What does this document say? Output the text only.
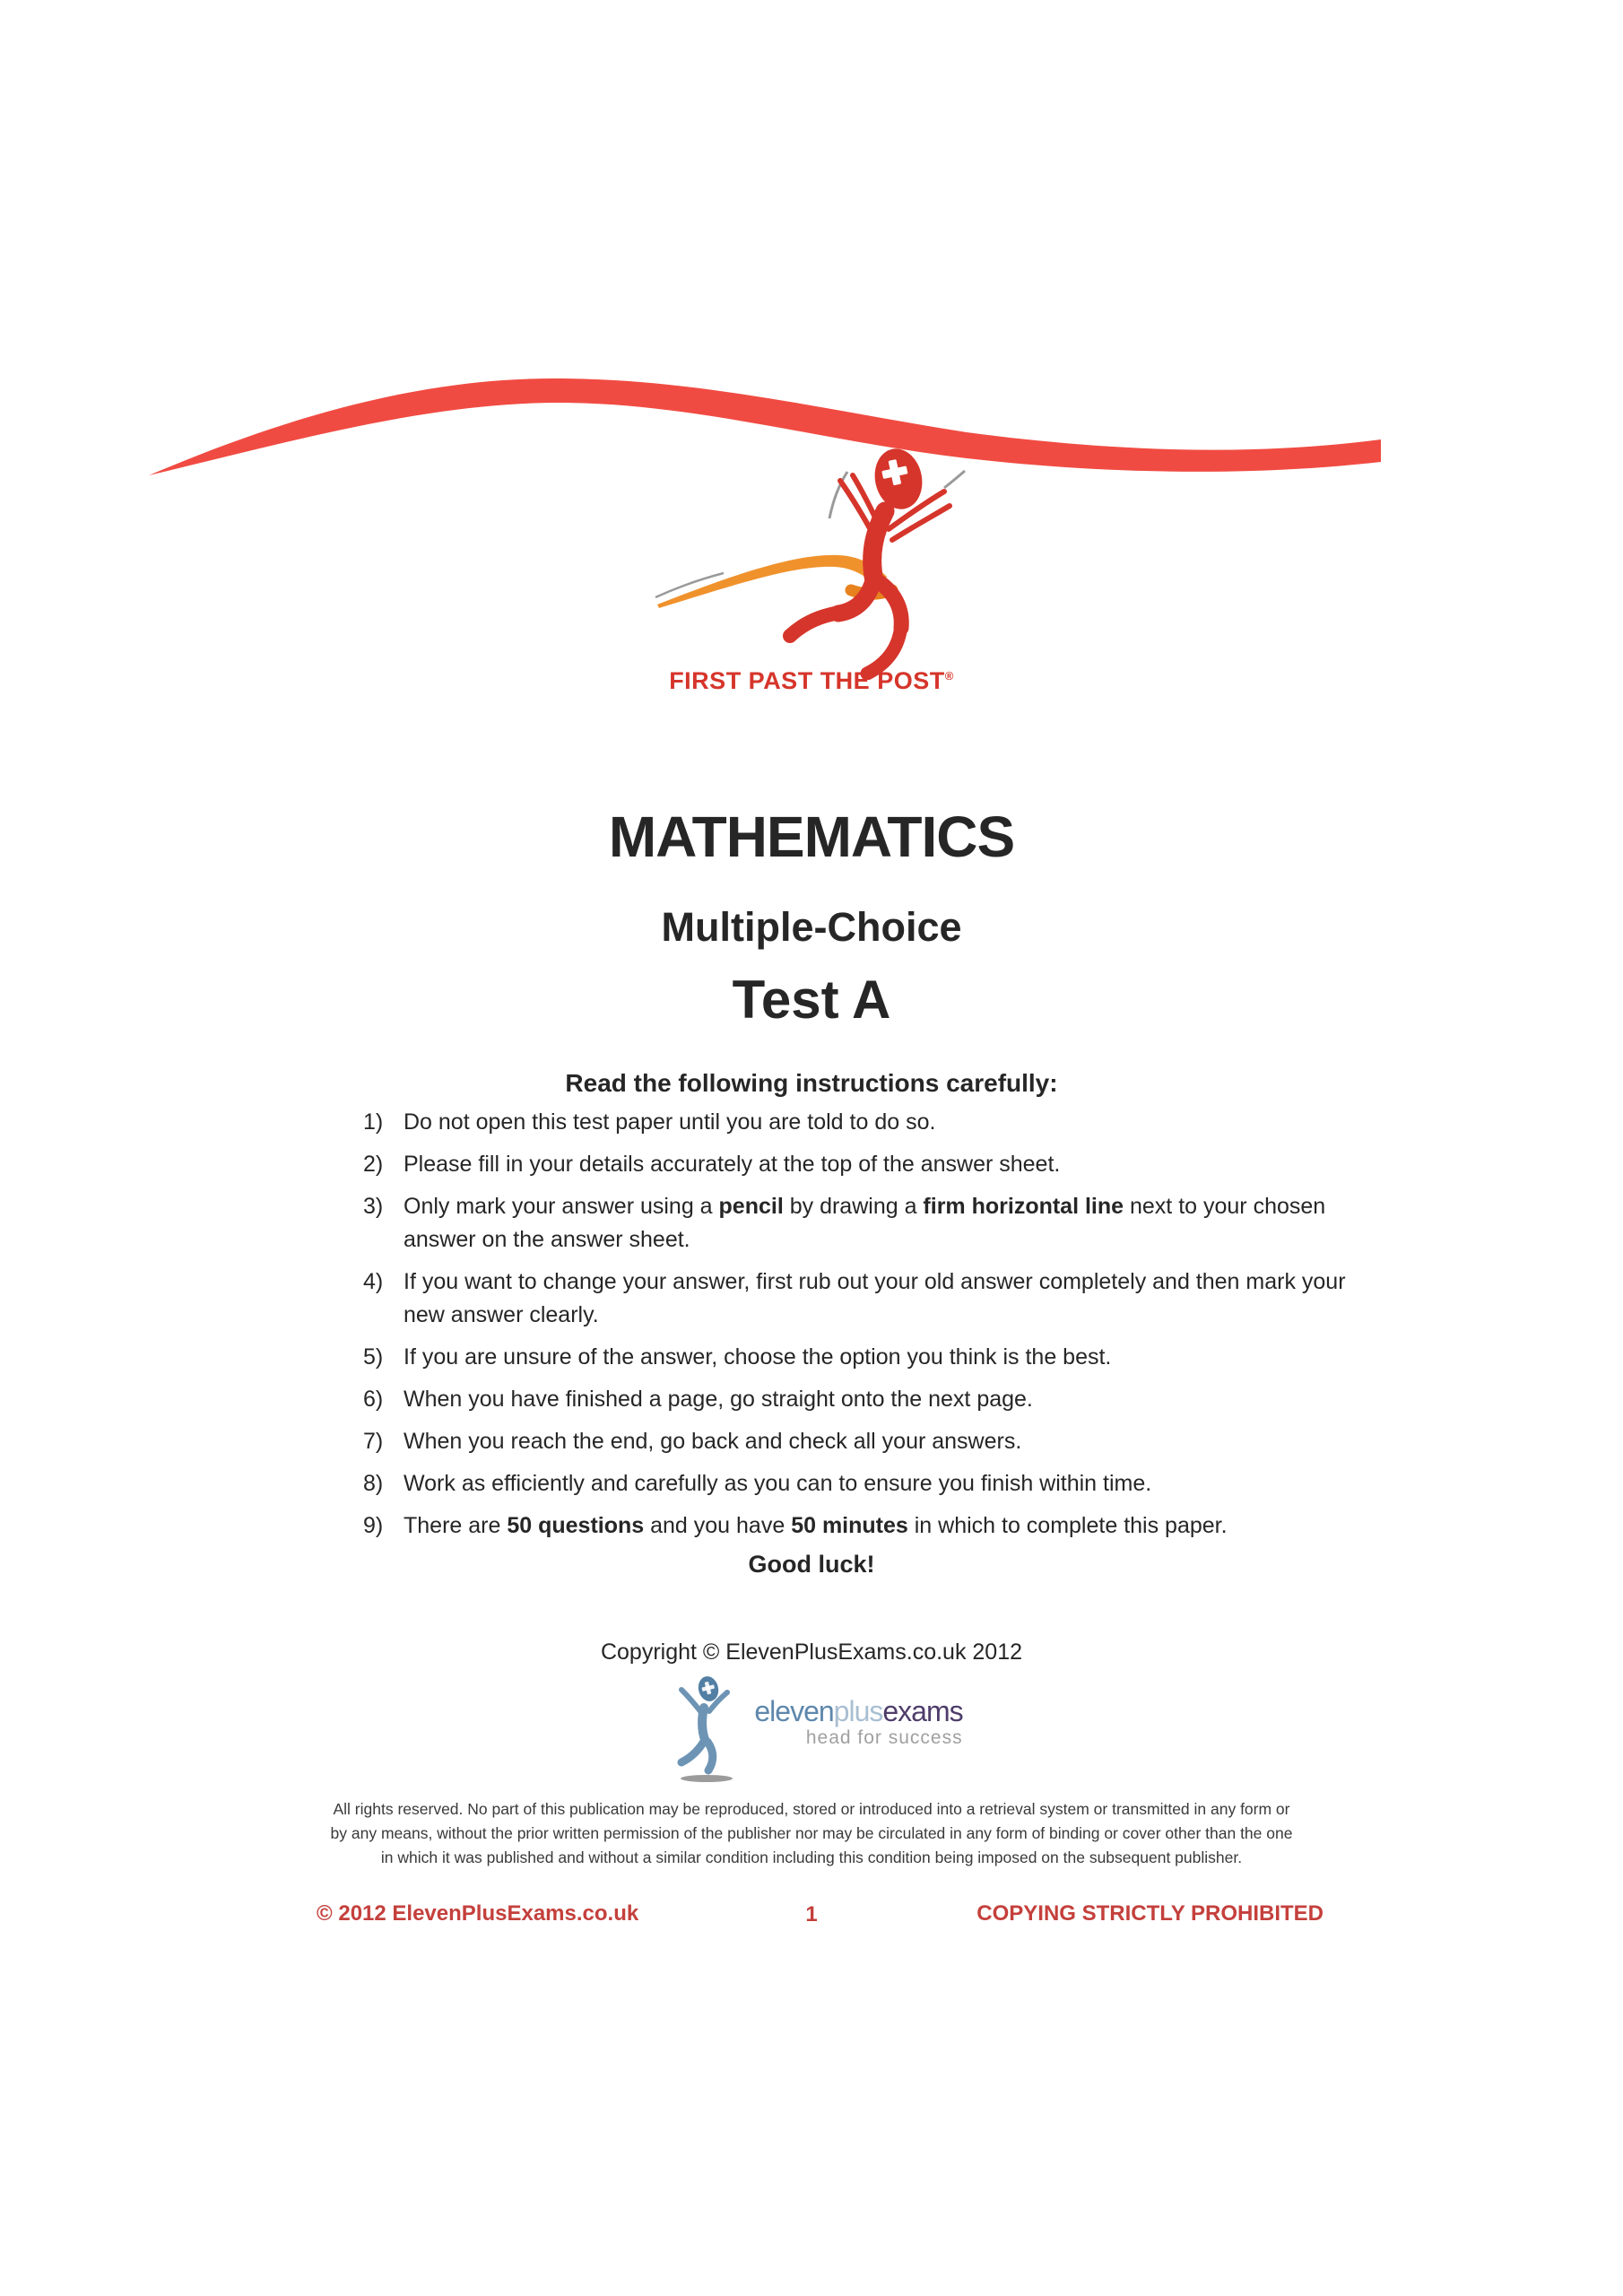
FIRST PAST THE POST®
MATHEMATICS
Multiple-Choice
Test A
Read the following instructions carefully:
1) Do not open this test paper until you are told to do so.
2) Please fill in your details accurately at the top of the answer sheet.
3) Only mark your answer using a pencil by drawing a firm horizontal line next to your chosen
answer on the answer sheet.
4) If you want to change your answer, first rub out your old answer completely and then mark your
new answer clearly.
5) If you are unsure of the answer, choose the option you think is the best.
6) When you have finished a page, go straight onto the next page.
7) When you reach the end, go back and check all your answers.
8) Work as efficiently and carefully as you can to ensure you finish within time.
9) There are 50 questions and you have 50 minutes in which to complete this paper.
Good luck!
Copyright © ElevenPlusExams.co.uk 2012
elevenplusexams
head for success
All rights reserved. No part of this publication may be reproduced, stored or introduced into a retrieval system or transmitted in any form or
by any means, without the prior written permission of the publisher nor may be circulated in any form of binding or cover other than the one
in which it was published and without a similar condition including this condition being imposed on the subsequent publisher.
© 2012 ElevenPlusExams.co.uk	1	COPYING STRICTLY PROHIBITED
